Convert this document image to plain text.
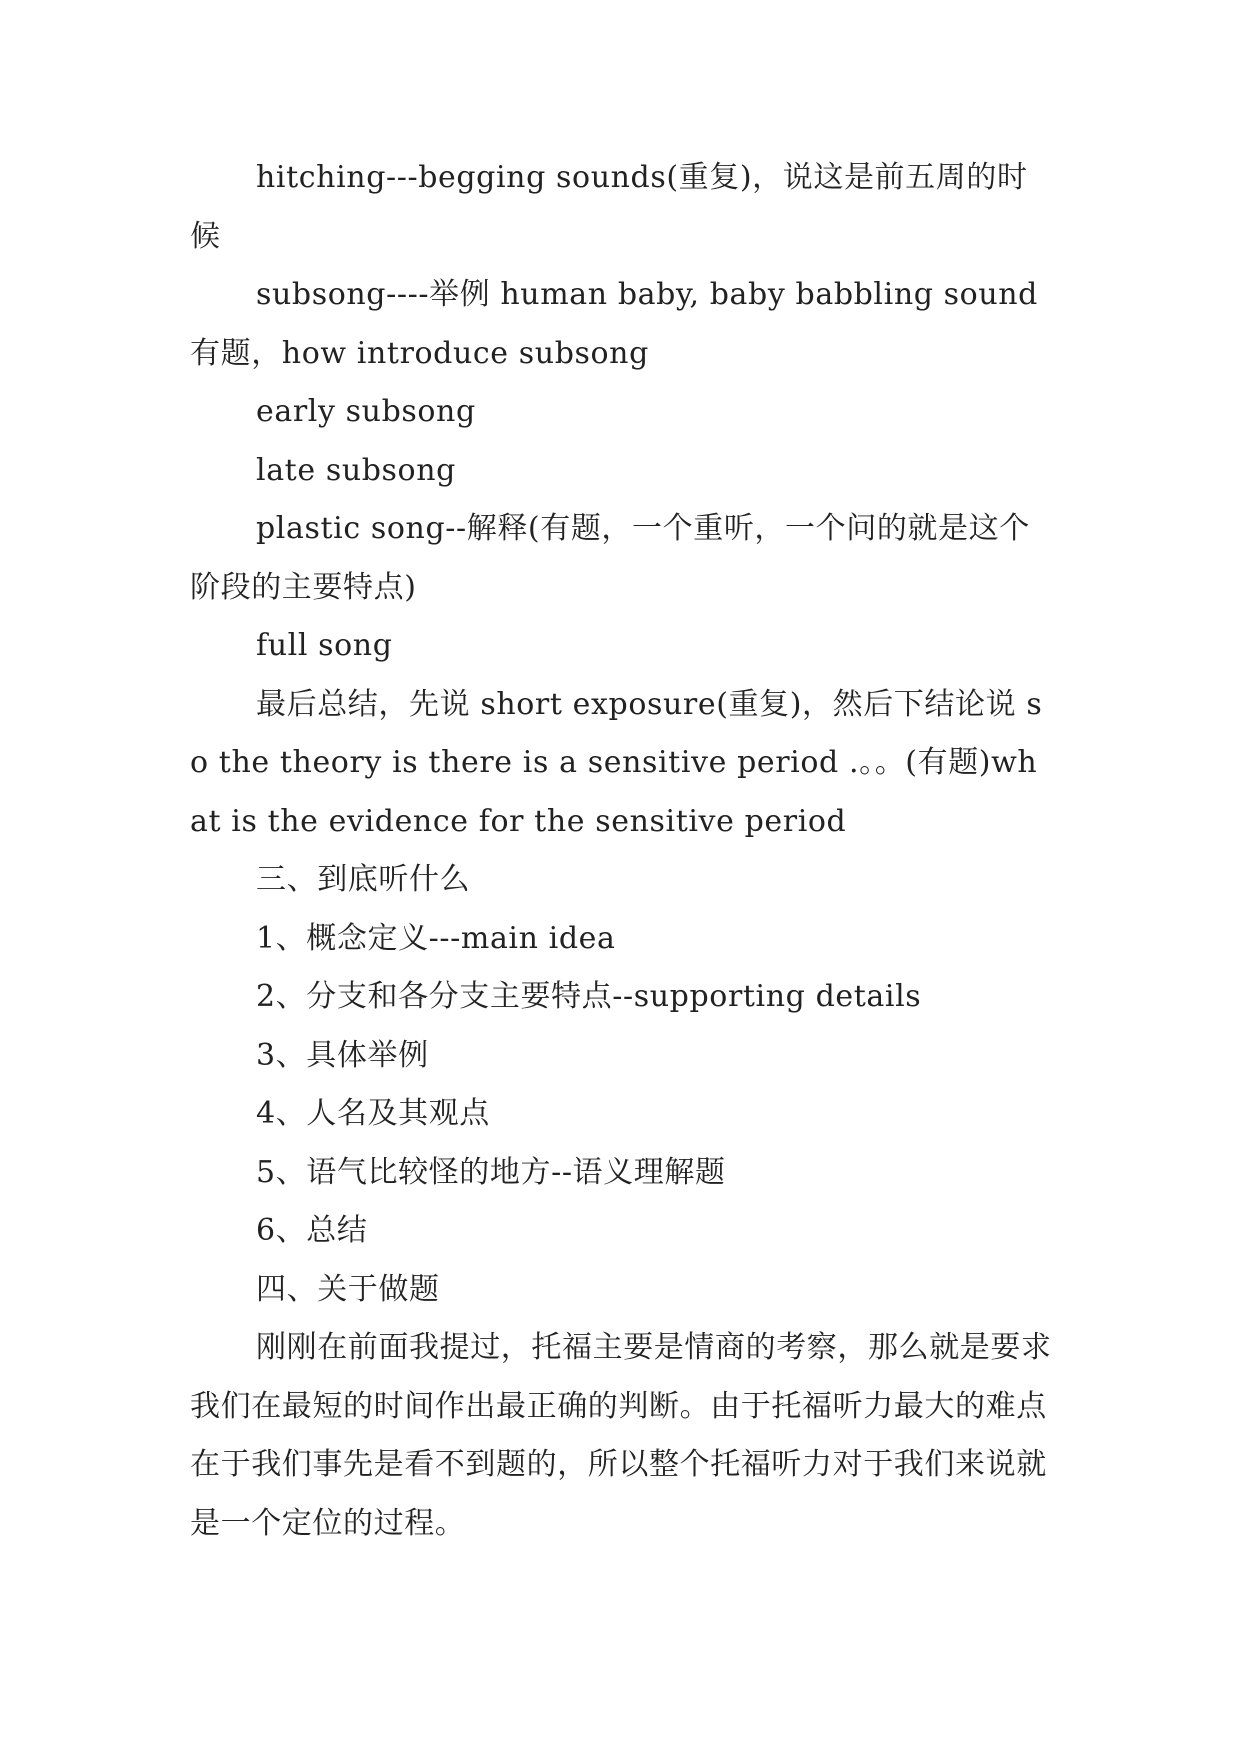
hitching---begging sounds(重复)，说这是前五周的时候

subsong----举例 human baby, baby babbling sound 有题，how introduce subsong

early subsong

late subsong

plastic song--解释(有题，一个重听，一个问的就是这个阶段的主要特点)

full song

最后总结，先说 short exposure(重复)，然后下结论说 so the theory is there is a sensitive period .。。(有题)what is the evidence for the sensitive period

三、到底听什么

1、概念定义---main idea

2、分支和各分支主要特点--supporting details

3、具体举例

4、人名及其观点

5、语气比较怪的地方--语义理解题

6、总结

四、关于做题

刚刚在前面我提过，托福主要是情商的考察，那么就是要求我们在最短的时间作出最正确的判断。由于托福听力最大的难点在于我们事先是看不到题的，所以整个托福听力对于我们来说就是一个定位的过程。
